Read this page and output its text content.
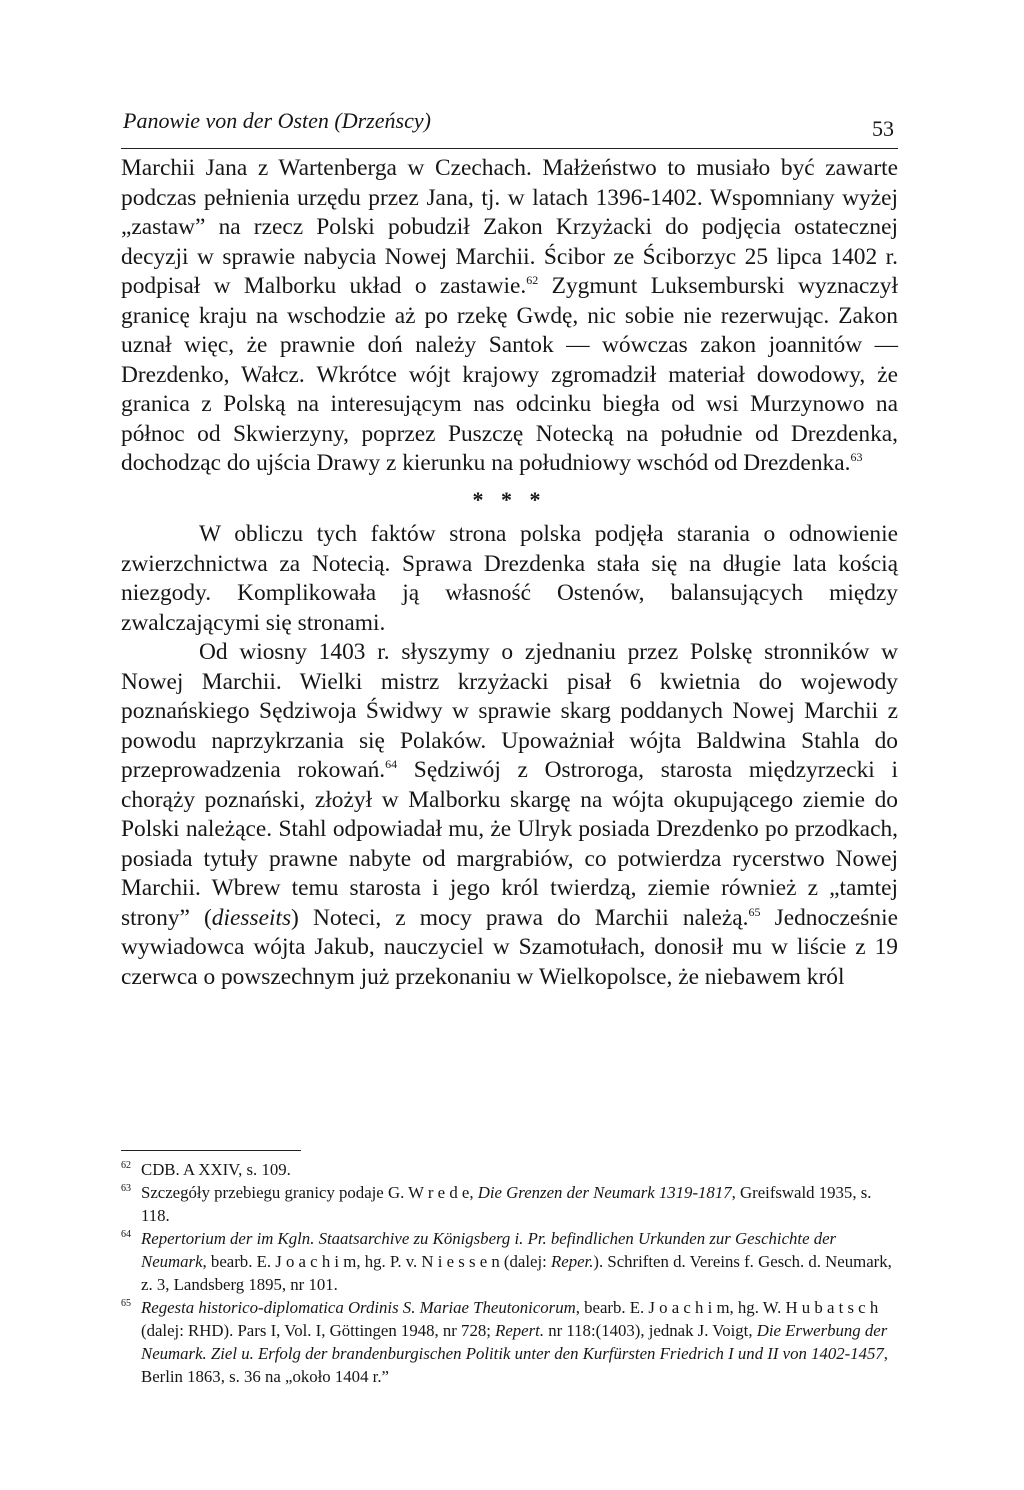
Panowie von der Osten (Drzeńscy)	53

Marchii Jana z Wartenberga w Czechach. Małżeństwo to musiało być zawarte podczas pełnienia urzędu przez Jana, tj. w latach 1396-1402. Wspomniany wyżej „zastaw” na rzecz Polski pobudził Zakon Krzyżacki do podjęcia ostatecznej decyzji w sprawie nabycia Nowej Marchii. Ścibor ze Ściborzyc 25 lipca 1402 r. podpisał w Malborku układ o zastawie.$^{62}$ Zygmunt Luksemburski wyznaczył granicę kraju na wschodzie aż po rzekę Gwdę, nic sobie nie rezerwując. Zakon uznał więc, że prawnie doń należy Santok — wówczas zakon joannitów — Drezdenko, Wałcz. Wkrótce wójt krajowy zgromadził materiał dowodowy, że granica z Polską na interesującym nas odcinku biegła od wsi Murzynowo na północ od Skwierzyny, poprzez Puszczę Notecką na południe od Drezdenka, dochodząc do ujścia Drawy z kierunku na południowy wschód od Drezdenka.$^{63}$

* * *

W obliczu tych faktów strona polska podjęła starania o odnowienie zwierzchnictwa za Notecią. Sprawa Drezdenka stała się na długie lata kością niezgody. Komplikowała ją własność Ostenów, balansujących między zwalczającymi się stronami.

Od wiosny 1403 r. słyszymy o zjednaniu przez Polskę stronników w Nowej Marchii. Wielki mistrz krzyżacki pisał 6 kwietnia do wojewody poznańskiego Sędziwoja Świdwy w sprawie skarg poddanych Nowej Marchii z powodu naprzykrzania się Polaków. Upoważniał wójta Baldwina Stahla do przeprowadzenia rokowań.$^{64}$ Sędziwój z Ostroroga, starosta międzyrzecki i chorąży poznański, złożył w Malborku skargę na wójta okupującego ziemie do Polski należące. Stahl odpowiadał mu, że Ulryk posiada Drezdenko po przodkach, posiada tytuły prawne nabyte od margrabiów, co potwierdza rycerstwo Nowej Marchii. Wbrew temu starosta i jego król twierdzą, ziemie również z „tamtej strony” (diesseits) Noteci, z mocy prawa do Marchii należą.$^{65}$ Jednocześnie wywiadowca wójta Jakub, nauczyciel w Szamotułach, donosił mu w liście z 19 czerwca o powszechnym już przekonaniu w Wielkopolsce, że niebawem król

62 CDB. A XXIV, s. 109.

63 Szczegóły przebiegu granicy podaje G. W r e d e, Die Grenzen der Neumark 1319-1817, Greifswald 1935, s. 118.

64 Repertorium der im Kgln. Staatsarchive zu Königsberg i. Pr. befindlichen Urkunden zur Geschichte der Neumark, bearb. E. J o a c h i m, hg. P. v. N i e s s e n (dalej: Reper.). Schriften d. Vereins f. Gesch. d. Neumark, z. 3, Landsberg 1895, nr 101.

65 Regesta historico-diplomatica Ordinis S. Mariae Theutonicorum, bearb. E. J o a c h i m, hg. W. H u b a t s c h (dalej: RHD). Pars I, Vol. I, Göttingen 1948, nr 728; Repert. nr 118:(1403), jednak J. Voigt, Die Erwerbung der Neumark. Ziel u. Erfolg der brandenburgischen Politik unter den Kurfürsten Friedrich I und II von 1402-1457, Berlin 1863, s. 36 na „około 1404 r.”
